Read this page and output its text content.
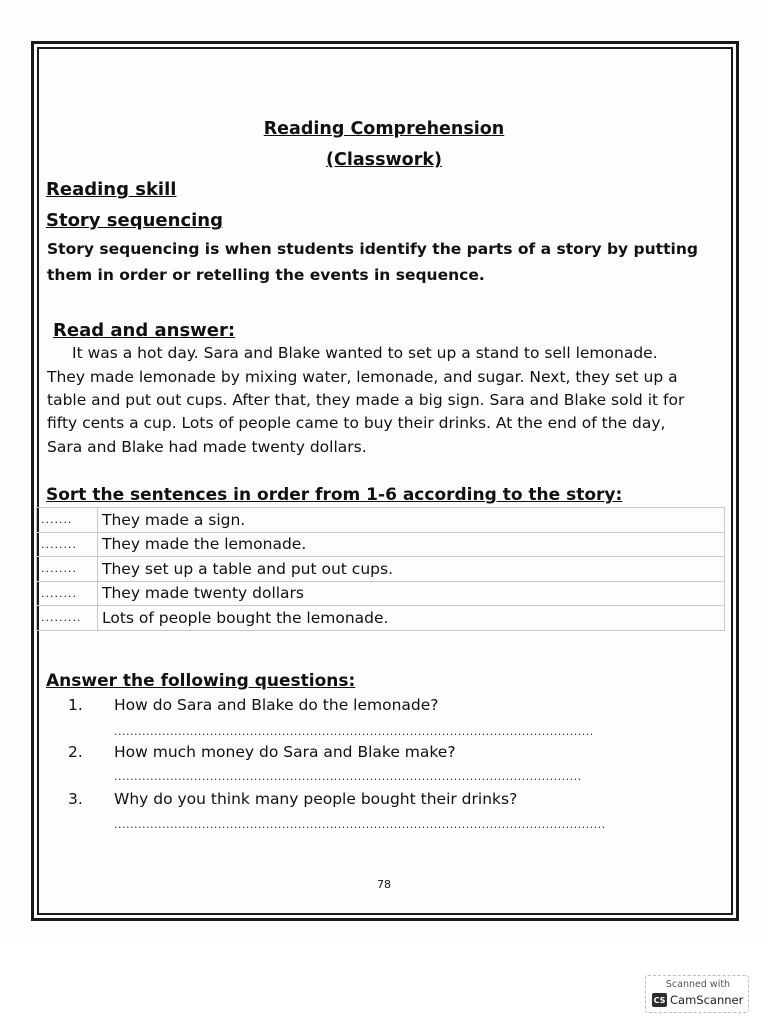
Reading Comprehension
(Classwork)
Reading skill
Story sequencing
Story sequencing is when students identify the parts of a story by putting
them in order or retelling the events in sequence.
Read and answer:
It was a hot day. Sara and Blake wanted to set up a stand to sell lemonade.
They made lemonade by mixing water, lemonade, and sugar. Next, they set up a
table and put out cups. After that, they made a big sign. Sara and Blake sold it for
fifty cents a cup. Lots of people came to buy their drinks. At the end of the day,
Sara and Blake had made twenty dollars.
Sort the sentences in order from 1-6 according to the story:
.......	They made a sign.
........	They made the lemonade.
........	They set up a table and put out cups.
........	They made twenty dollars
.........	Lots of people bought the lemonade.
Answer the following questions:
1. How do Sara and Blake do the lemonade?
........................................................................................................................
2. How much money do Sara and Blake make?
.....................................................................................................................
3. Why do you think many people bought their drinks?
...........................................................................................................................
78
Scanned with
CS CamScanner
